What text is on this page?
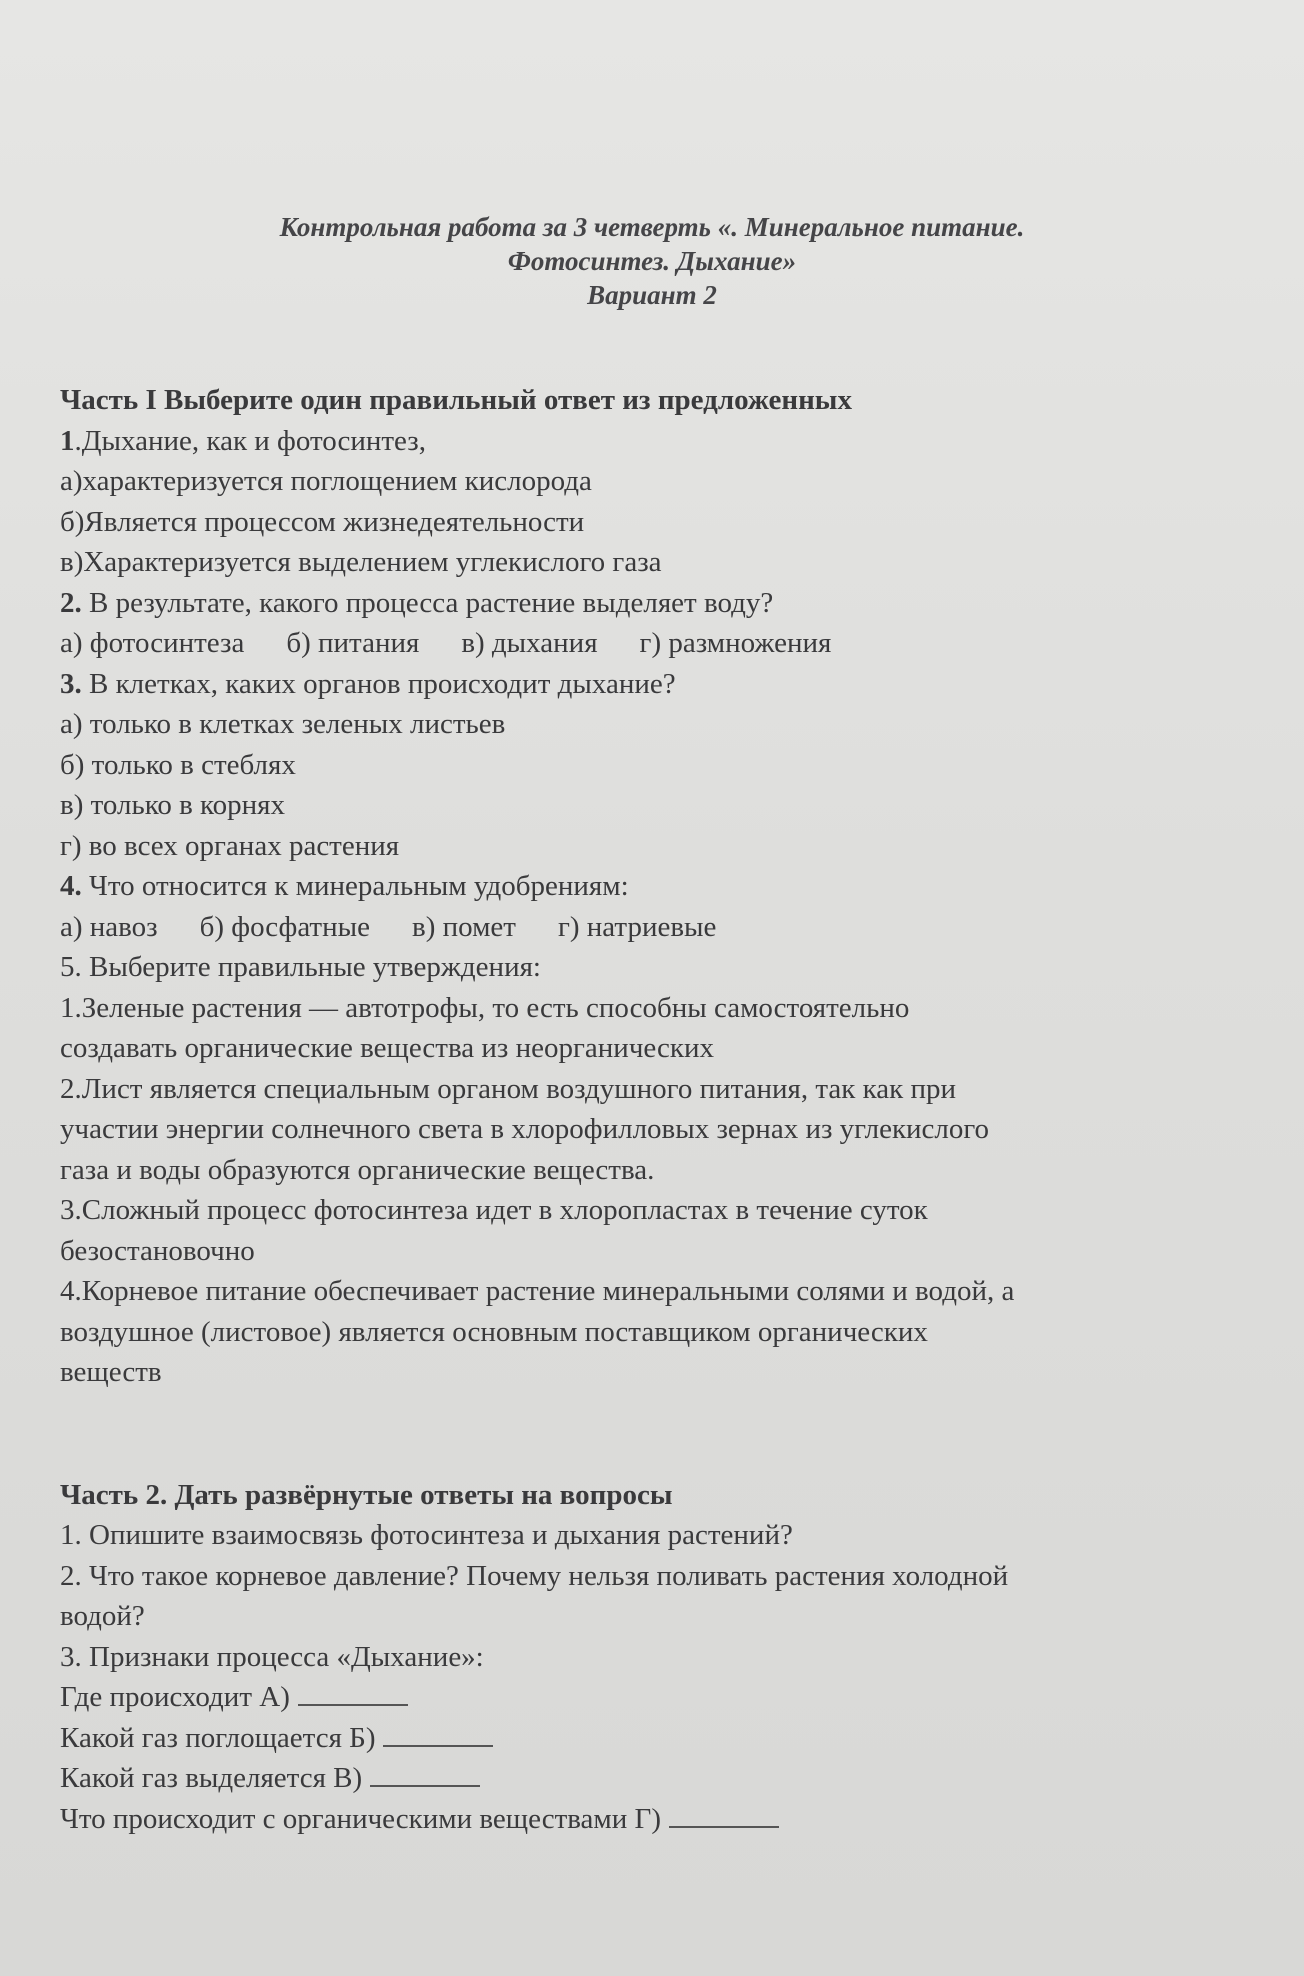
Контрольная работа за 3 четверть «. Минеральное питание.
Фотосинтез. Дыхание»
Вариант 2
Часть I Выберите один правильный ответ из предложенных
1.Дыхание, как и фотосинтез,
а)характеризуется поглощением кислорода
б)Является процессом жизнедеятельности
в)Характеризуется выделением углекислого газа
2. В результате, какого процесса растение выделяет воду?
а) фотосинтеза б) питания в) дыхания г) размножения
3. В клетках, каких органов происходит дыхание?
а) только в клетках зеленых листьев
б) только в стеблях
в) только в корнях
г) во всех органах растения
4. Что относится к минеральным удобрениям:
а) навоз б) фосфатные в) помет г) натриевые
5. Выберите правильные утверждения:
1.Зеленые растения — автотрофы, то есть способны самостоятельно
создавать органические вещества из неорганических
2.Лист является специальным органом воздушного питания, так как при
участии энергии солнечного света в хлорофилловых зернах из углекислого
газа и воды образуются органические вещества.
3.Сложный процесс фотосинтеза идет в хлоропластах в течение суток
безостановочно
4.Корневое питание обеспечивает растение минеральными солями и водой, а
воздушное (листовое) является основным поставщиком органических
веществ
Часть 2. Дать развёрнутые ответы на вопросы
1. Опишите взаимосвязь фотосинтеза и дыхания растений?
2. Что такое корневое давление? Почему нельзя поливать растения холодной
водой?
3. Признаки процесса «Дыхание»:
Где происходит А)
Какой газ поглощается Б)
Какой газ выделяется В)
Что происходит с органическими веществами Г)
